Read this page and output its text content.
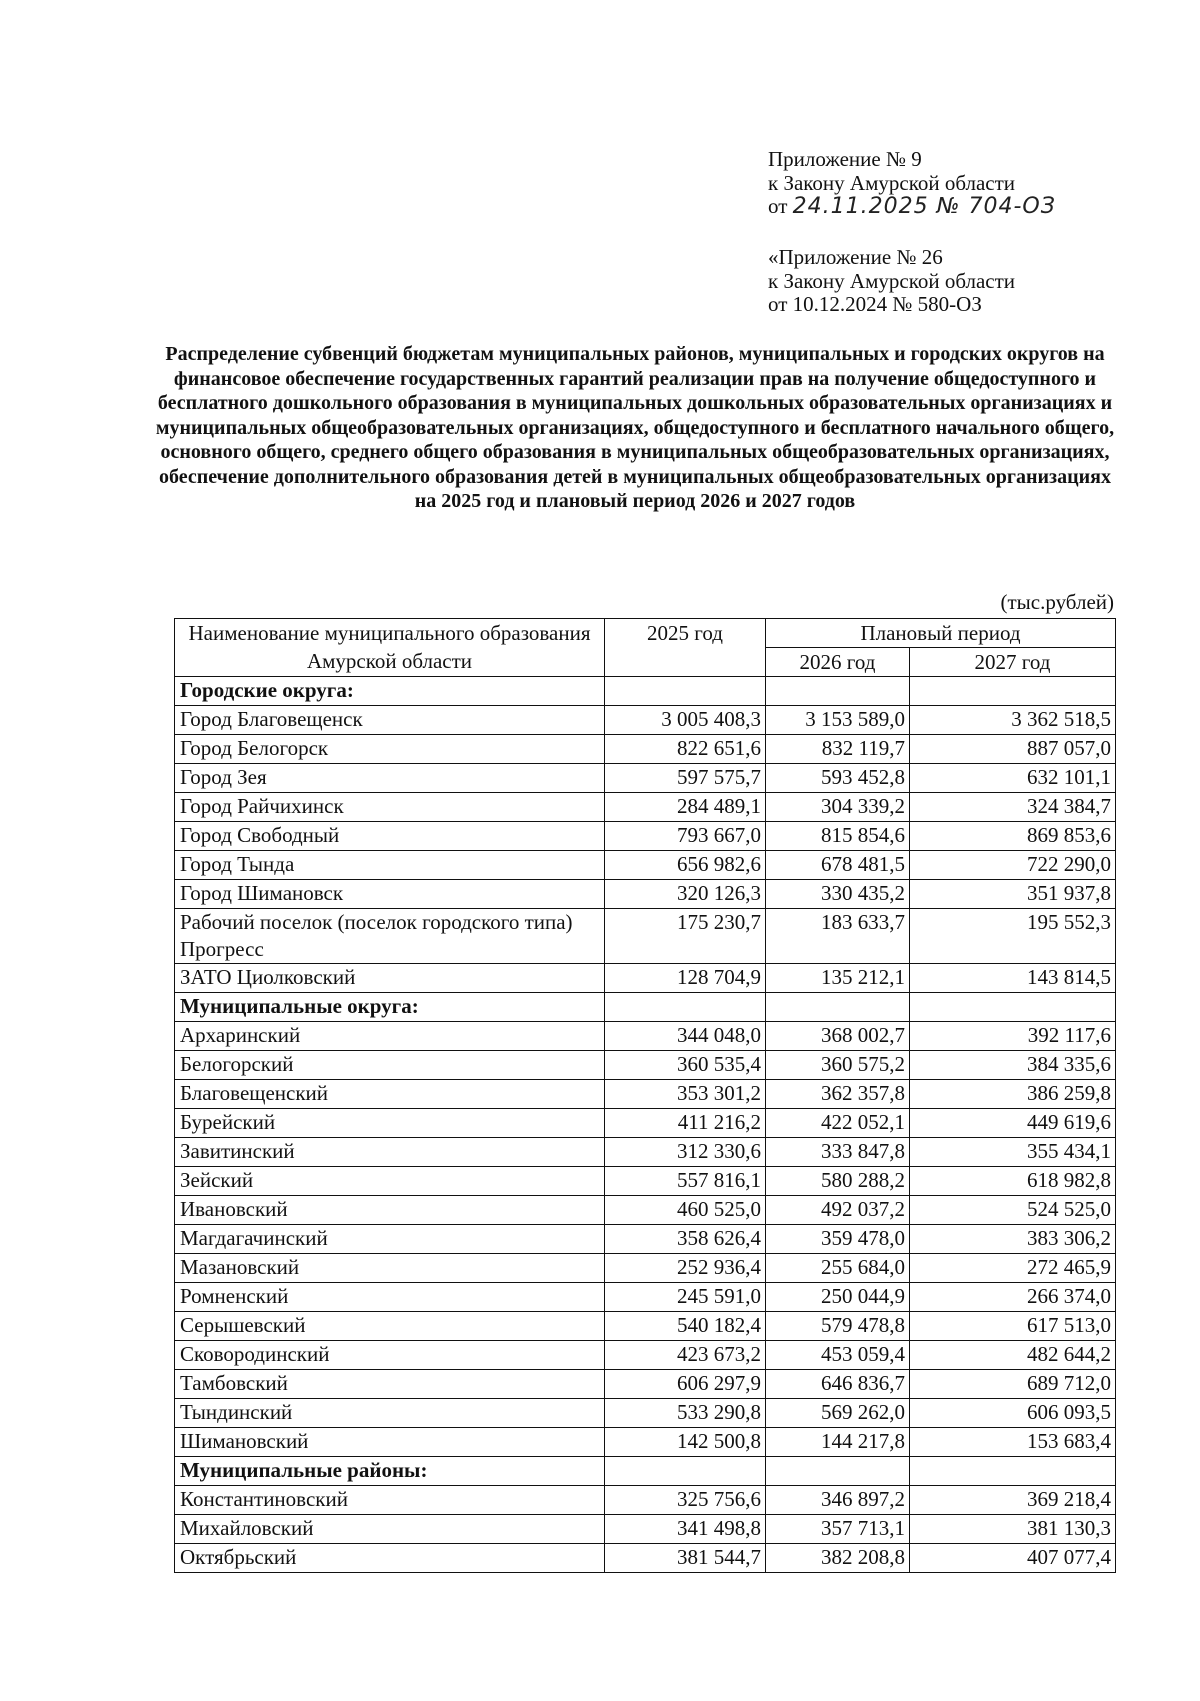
Приложение № 9
к Закону Амурской области
от 24.11.2025 № 704-ОЗ
«Приложение № 26
к Закону Амурской области
от 10.12.2024 № 580-ОЗ
Распределение субвенций бюджетам муниципальных районов, муниципальных и городских округов на финансовое обеспечение государственных гарантий реализации прав на получение общедоступного и бесплатного дошкольного образования в муниципальных дошкольных образовательных организациях и муниципальных общеобразовательных организациях, общедоступного и бесплатного начального общего, основного общего, среднего общего образования в муниципальных общеобразовательных организациях, обеспечение дополнительного образования детей в муниципальных общеобразовательных организациях на 2025 год и плановый период 2026 и 2027 годов
(тыс.рублей)
Наименование муниципального образования Амурской области	2025 год	Плановый период	
		2026 год	2027 год
Городские округа:			
Город Благовещенск	3 005 408,3	3 153 589,0	3 362 518,5
Город Белогорск	822 651,6	832 119,7	887 057,0
Город Зея	597 575,7	593 452,8	632 101,1
Город Райчихинск	284 489,1	304 339,2	324 384,7
Город Свободный	793 667,0	815 854,6	869 853,6
Город Тында	656 982,6	678 481,5	722 290,0
Город Шимановск	320 126,3	330 435,2	351 937,8
Рабочий поселок (поселок городского типа) Прогресс	175 230,7	183 633,7	195 552,3
ЗАТО Циолковский	128 704,9	135 212,1	143 814,5
Муниципальные округа:			
Архаринский	344 048,0	368 002,7	392 117,6
Белогорский	360 535,4	360 575,2	384 335,6
Благовещенский	353 301,2	362 357,8	386 259,8
Бурейский	411 216,2	422 052,1	449 619,6
Завитинский	312 330,6	333 847,8	355 434,1
Зейский	557 816,1	580 288,2	618 982,8
Ивановский	460 525,0	492 037,2	524 525,0
Магдагачинский	358 626,4	359 478,0	383 306,2
Мазановский	252 936,4	255 684,0	272 465,9
Ромненский	245 591,0	250 044,9	266 374,0
Серышевский	540 182,4	579 478,8	617 513,0
Сковородинский	423 673,2	453 059,4	482 644,2
Тамбовский	606 297,9	646 836,7	689 712,0
Тындинский	533 290,8	569 262,0	606 093,5
Шимановский	142 500,8	144 217,8	153 683,4
Муниципальные районы:			
Константиновский	325 756,6	346 897,2	369 218,4
Михайловский	341 498,8	357 713,1	381 130,3
Октябрьский	381 544,7	382 208,8	407 077,4
